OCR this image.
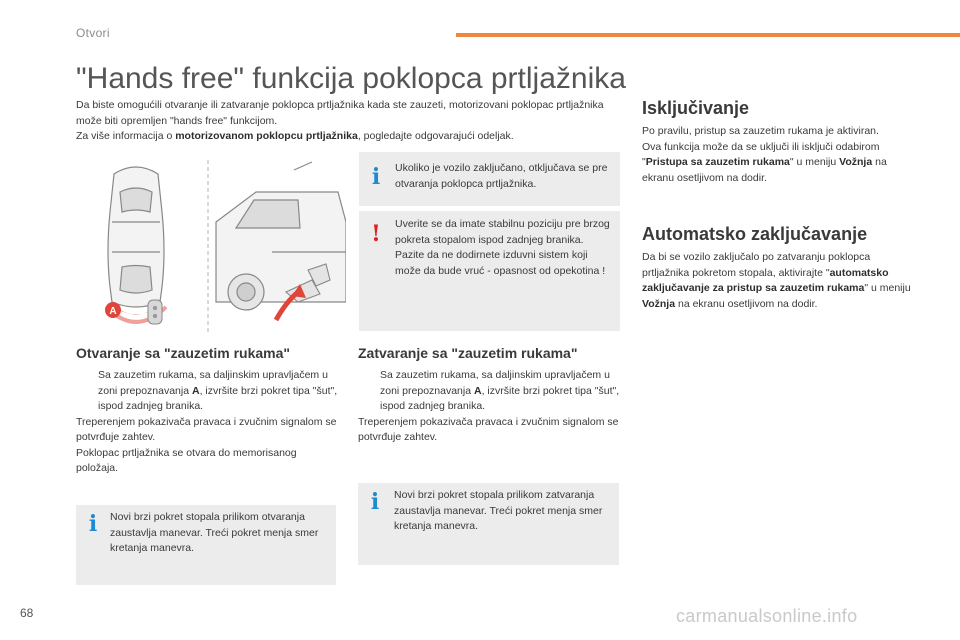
Otvori
"Hands free" funkcija poklopca prtljažnika

Da biste omogućili otvaranje ili zatvaranje poklopca prtljažnika kada ste zauzeti, motorizovani poklopac prtljažnika može biti opremljen "hands free" funkcijom.

Za više informacija o motorizovanom poklopcu prtljažnika, pogledajte odgovarajući odeljak.

A
i Ukoliko je vozilo zaključano, otključava se pre otvaranja poklopca prtljažnika.
! Uverite se da imate stabilnu poziciju pre brzog pokreta stopalom ispod zadnjeg branika.

Pazite da ne dodirnete izduvni sistem koji može da bude vruć - opasnost od opekotina !

Otvaranje sa "zauzetim rukama"
Sa zauzetim rukama, sa daljinskim upravljačem u zoni prepoznavanja A, izvršite brzi pokret tipa "šut", ispod zadnjeg branika.

Treperenjem pokazivača pravaca i zvučnim signalom se potvrđuje zahtev.

Poklopac prtljažnika se otvara do memorisanog položaja.

i Novi brzi pokret stopala prilikom otvaranja zaustavlja manevar. Treći pokret menja smer kretanja manevra.
Zatvaranje sa "zauzetim rukama"
Sa zauzetim rukama, sa daljinskim upravljačem u zoni prepoznavanja A, izvršite brzi pokret tipa "šut", ispod zadnjeg branika.

Treperenjem pokazivača pravaca i zvučnim signalom se potvrđuje zahtev.

i Novi brzi pokret stopala prilikom zatvaranja zaustavlja manevar. Treći pokret menja smer kretanja manevra.
Isključivanje

Po pravilu, pristup sa zauzetim rukama je aktiviran.

Ova funkcija može da se uključi ili isključi odabirom "Pristupa sa zauzetim rukama" u meniju Vožnja na ekranu osetljivom na dodir.

Automatsko zaključavanje

Da bi se vozilo zaključalo po zatvaranju poklopca prtljažnika pokretom stopala, aktivirajte "automatsko zaključavanje za pristup sa zauzetim rukama" u meniju Vožnja na ekranu osetljivom na dodir.

68	carmanualsonline.info
